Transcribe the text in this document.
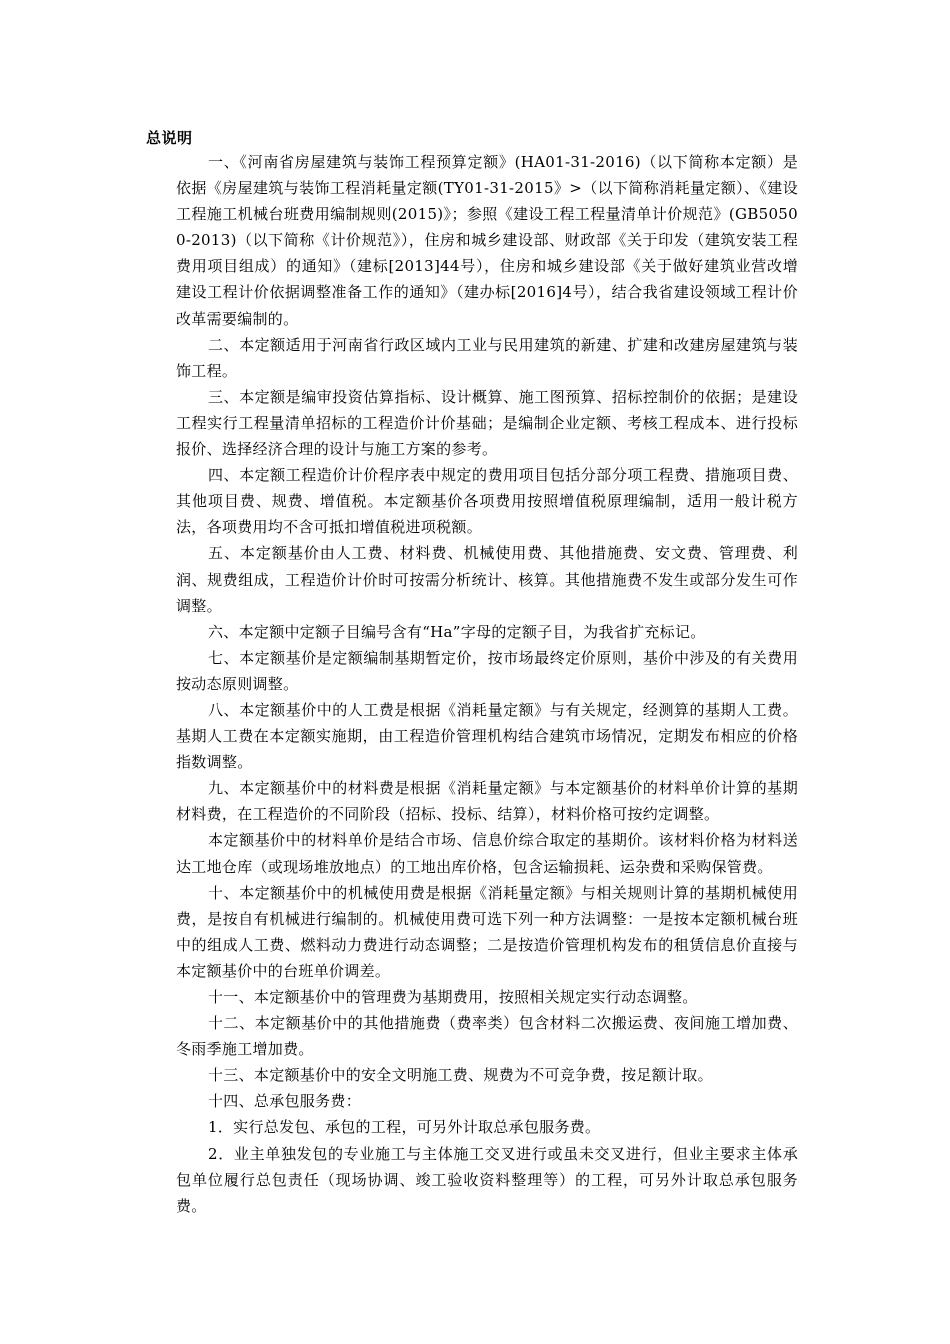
总说明

一、《河南省房屋建筑与装饰工程预算定额》(HA01-31-2016)（以下简称本定额）是依据《房屋建筑与装饰工程消耗量定额(TY01-31-2015》>（以下简称消耗量定额）、《建设工程施工机械台班费用编制规则(2015)》；参照《建设工程工程量清单计价规范》(GB50500-2013)（以下简称《计价规范》），住房和城乡建设部、财政部《关于印发（建筑安装工程费用项目组成）的通知》（建标[2013]44号），住房和城乡建设部《关于做好建筑业营改增建设工程计价依据调整准备工作的通知》（建办标[2016]4号），结合我省建设领域工程计价改革需要编制的。

二、本定额适用于河南省行政区域内工业与民用建筑的新建、扩建和改建房屋建筑与装饰工程。

三、本定额是编审投资估算指标、设计概算、施工图预算、招标控制价的依据；是建设工程实行工程量清单招标的工程造价计价基础；是编制企业定额、考核工程成本、进行投标报价、选择经济合理的设计与施工方案的参考。

四、本定额工程造价计价程序表中规定的费用项目包括分部分项工程费、措施项目费、其他项目费、规费、增值税。本定额基价各项费用按照增值税原理编制，适用一般计税方法，各项费用均不含可抵扣增值税进项税额。

五、本定额基价由人工费、材料费、机械使用费、其他措施费、安文费、管理费、利润、规费组成，工程造价计价时可按需分析统计、核算。其他措施费不发生或部分发生可作调整。

六、本定额中定额子目编号含有“Ha”字母的定额子目，为我省扩充标记。

七、本定额基价是定额编制基期暂定价，按市场最终定价原则，基价中涉及的有关费用按动态原则调整。

八、本定额基价中的人工费是根据《消耗量定额》与有关规定，经测算的基期人工费。基期人工费在本定额实施期，由工程造价管理机构结合建筑市场情况，定期发布相应的价格指数调整。

九、本定额基价中的材料费是根据《消耗量定额》与本定额基价的材料单价计算的基期材料费，在工程造价的不同阶段（招标、投标、结算），材料价格可按约定调整。

本定额基价中的材料单价是结合市场、信息价综合取定的基期价。该材料价格为材料送达工地仓库（或现场堆放地点）的工地出库价格，包含运输损耗、运杂费和采购保管费。

十、本定额基价中的机械使用费是根据《消耗量定额》与相关规则计算的基期机械使用费，是按自有机械进行编制的。机械使用费可选下列一种方法调整：一是按本定额机械台班中的组成人工费、燃料动力费进行动态调整；二是按造价管理机构发布的租赁信息价直接与本定额基价中的台班单价调差。

十一、本定额基价中的管理费为基期费用，按照相关规定实行动态调整。

十二、本定额基价中的其他措施费（费率类）包含材料二次搬运费、夜间施工增加费、冬雨季施工增加费。

十三、本定额基价中的安全文明施工费、规费为不可竞争费，按足额计取。

十四、总承包服务费：

1．实行总发包、承包的工程，可另外计取总承包服务费。

2．业主单独发包的专业施工与主体施工交叉进行或虽未交叉进行，但业主要求主体承包单位履行总包责任（现场协调、竣工验收资料整理等）的工程，可另外计取总承包服务费。
